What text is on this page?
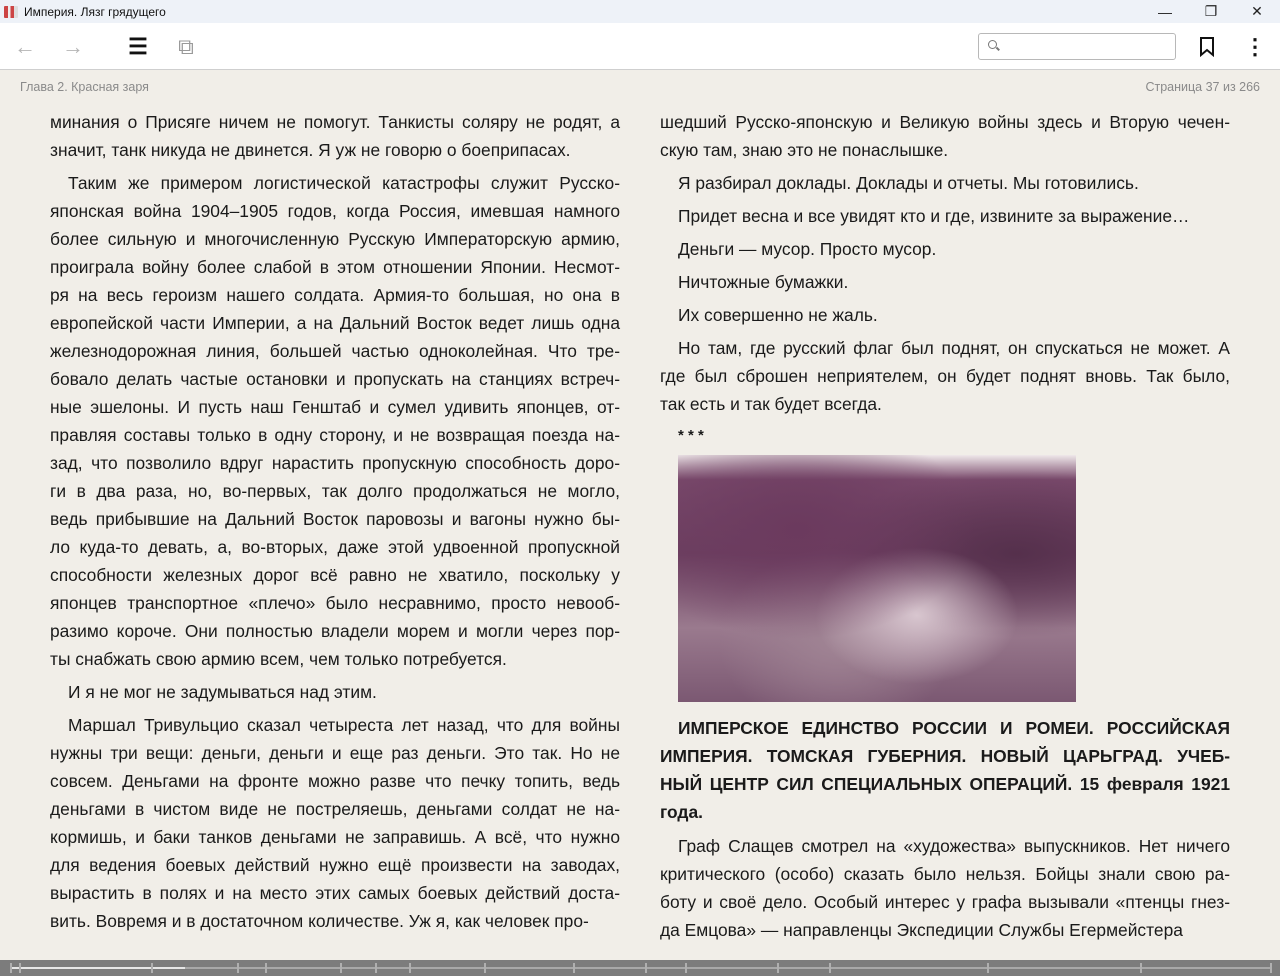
Империя. Лязг грядущего	—	❐	✕
← → ☰	⧉	⋮
Глава 2. Красная заря	Страница 37 из 266
минания о Присяге ничем не помогут. Танкисты соляру не родят, а
значит, танк никуда не двинется. Я уж не говорю о боеприпасах.
Таким же примером логистической катастрофы служит Русско-
японская война 1904–1905 годов, когда Россия, имевшая намного
более сильную и многочисленную Русскую Императорскую армию,
проиграла войну более слабой в этом отношении Японии. Несмот-
ря на весь героизм нашего солдата. Армия-то большая, но она в
европейской части Империи, а на Дальний Восток ведет лишь одна
железнодорожная линия, большей частью одноколейная. Что тре-
бовало делать частые остановки и пропускать на станциях встреч-
ные эшелоны. И пусть наш Генштаб и сумел удивить японцев, от-
правляя составы только в одну сторону, и не возвращая поезда на-
зад, что позволило вдруг нарастить пропускную способность доро-
ги в два раза, но, во-первых, так долго продолжаться не могло,
ведь прибывшие на Дальний Восток паровозы и вагоны нужно бы-
ло куда-то девать, а, во-вторых, даже этой удвоенной пропускной
способности железных дорог всё равно не хватило, поскольку у
японцев транспортное «плечо» было несравнимо, просто невооб-
разимо короче. Они полностью владели морем и могли через пор-
ты снабжать свою армию всем, чем только потребуется.
И я не мог не задумываться над этим.
Маршал Тривульцио сказал четыреста лет назад, что для войны
нужны три вещи: деньги, деньги и еще раз деньги. Это так. Но не
совсем. Деньгами на фронте можно разве что печку топить, ведь
деньгами в чистом виде не постреляешь, деньгами солдат не на-
кормишь, и баки танков деньгами не заправишь. А всё, что нужно
для ведения боевых действий нужно ещё произвести на заводах,
вырастить в полях и на место этих самых боевых действий доста-
вить. Вовремя и в достаточном количестве. Уж я, как человек про-
шедший Русско-японскую и Великую войны здесь и Вторую чечен-
скую там, знаю это не понаслышке.
Я разбирал доклады. Доклады и отчеты. Мы готовились.
Придет весна и все увидят кто и где, извините за выражение…
Деньги — мусор. Просто мусор.
Ничтожные бумажки.
Их совершенно не жаль.
Но там, где русский флаг был поднят, он спускаться не может. А
где был сброшен неприятелем, он будет поднят вновь. Так было,
так есть и так будет всегда.
* * *
ИМПЕРСКОЕ ЕДИНСТВО РОССИИ И РОМЕИ. РОССИЙСКАЯ
ИМПЕРИЯ. ТОМСКАЯ ГУБЕРНИЯ. НОВЫЙ ЦАРЬГРАД. УЧЕБ-
НЫЙ ЦЕНТР СИЛ СПЕЦИАЛЬНЫХ ОПЕРАЦИЙ. 15 февраля 1921
года.
Граф Слащев смотрел на «художества» выпускников. Нет ничего
критического (особо) сказать было нельзя. Бойцы знали свою ра-
боту и своё дело. Особый интерес у графа вызывали «птенцы гнез-
да Емцова» — направленцы Экспедиции Службы Егермейстера
